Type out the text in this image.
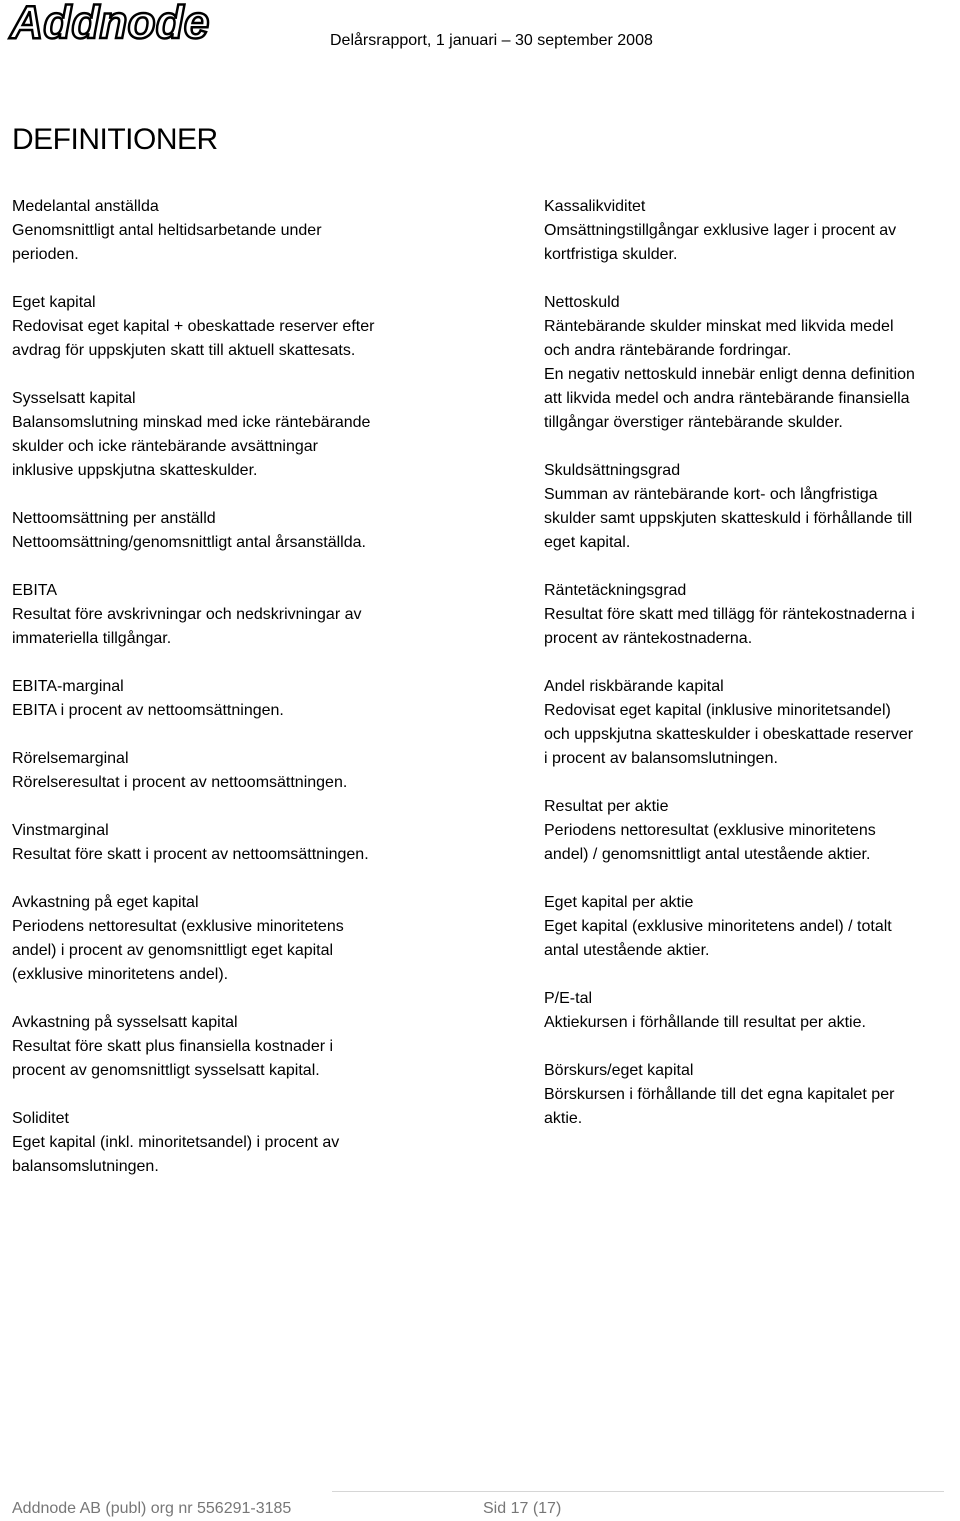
Addnode	Delårsrapport, 1 januari – 30 september 2008
DEFINITIONER
Medelantal anställda
Genomsnittligt antal heltidsarbetande under
perioden.
Eget kapital
Redovisat eget kapital + obeskattade reserver efter
avdrag för uppskjuten skatt till aktuell skattesats.
Sysselsatt kapital
Balansomslutning minskad med icke räntebärande
skulder och icke räntebärande avsättningar
inklusive uppskjutna skatteskulder.
Nettoomsättning per anställd
Nettoomsättning/genomsnittligt antal årsanställda.
EBITA
Resultat före avskrivningar och nedskrivningar av
immateriella tillgångar.
EBITA-marginal
EBITA i procent av nettoomsättningen.
Rörelsemarginal
Rörelseresultat i procent av nettoomsättningen.
Vinstmarginal
Resultat före skatt i procent av nettoomsättningen.
Avkastning på eget kapital
Periodens nettoresultat (exklusive minoritetens
andel) i procent av genomsnittligt eget kapital
(exklusive minoritetens andel).
Avkastning på sysselsatt kapital
Resultat före skatt plus finansiella kostnader i
procent av genomsnittligt sysselsatt kapital.
Soliditet
Eget kapital (inkl. minoritetsandel) i procent av
balansomslutningen.
Kassalikviditet
Omsättningstillgångar exklusive lager i procent av
kortfristiga skulder.
Nettoskuld
Räntebärande skulder minskat med likvida medel
och andra räntebärande fordringar.
En negativ nettoskuld innebär enligt denna definition
att likvida medel och andra räntebärande finansiella
tillgångar överstiger räntebärande skulder.
Skuldsättningsgrad
Summan av räntebärande kort- och långfristiga
skulder samt uppskjuten skatteskuld i förhållande till
eget kapital.
Räntetäckningsgrad
Resultat före skatt med tillägg för räntekostnaderna i
procent av räntekostnaderna.
Andel riskbärande kapital
Redovisat eget kapital (inklusive minoritetsandel)
och uppskjutna skatteskulder i obeskattade reserver
i procent av balansomslutningen.
Resultat per aktie
Periodens nettoresultat (exklusive minoritetens
andel) / genomsnittligt antal utestående aktier.
Eget kapital per aktie
Eget kapital (exklusive minoritetens andel) / totalt
antal utestående aktier.
P/E-tal
Aktiekursen i förhållande till resultat per aktie.
Börskurs/eget kapital
Börskursen i förhållande till det egna kapitalet per
aktie.
Addnode AB (publ) org nr 556291-3185	Sid 17 (17)
